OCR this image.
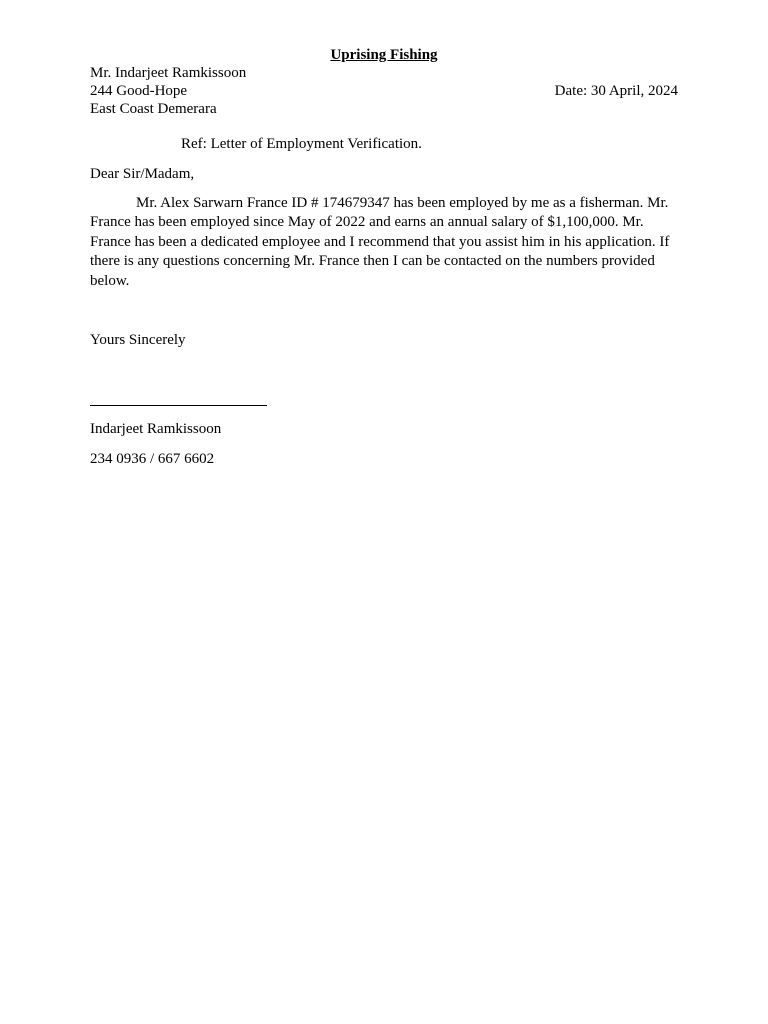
Uprising Fishing
Mr. Indarjeet Ramkissoon
244 Good-Hope
East Coast Demerara
Date: 30 April, 2024
Ref: Letter of Employment Verification.
Dear Sir/Madam,

Mr. Alex Sarwarn France ID # 174679347 has been employed by me as a fisherman. Mr. France has been employed since May of 2022 and earns an annual salary of $1,100,000. Mr. France has been a dedicated employee and I recommend that you assist him in his application. If there is any questions concerning Mr. France then I can be contacted on the numbers provided below.

Yours Sincerely
Indarjeet Ramkissoon
234 0936 / 667 6602
